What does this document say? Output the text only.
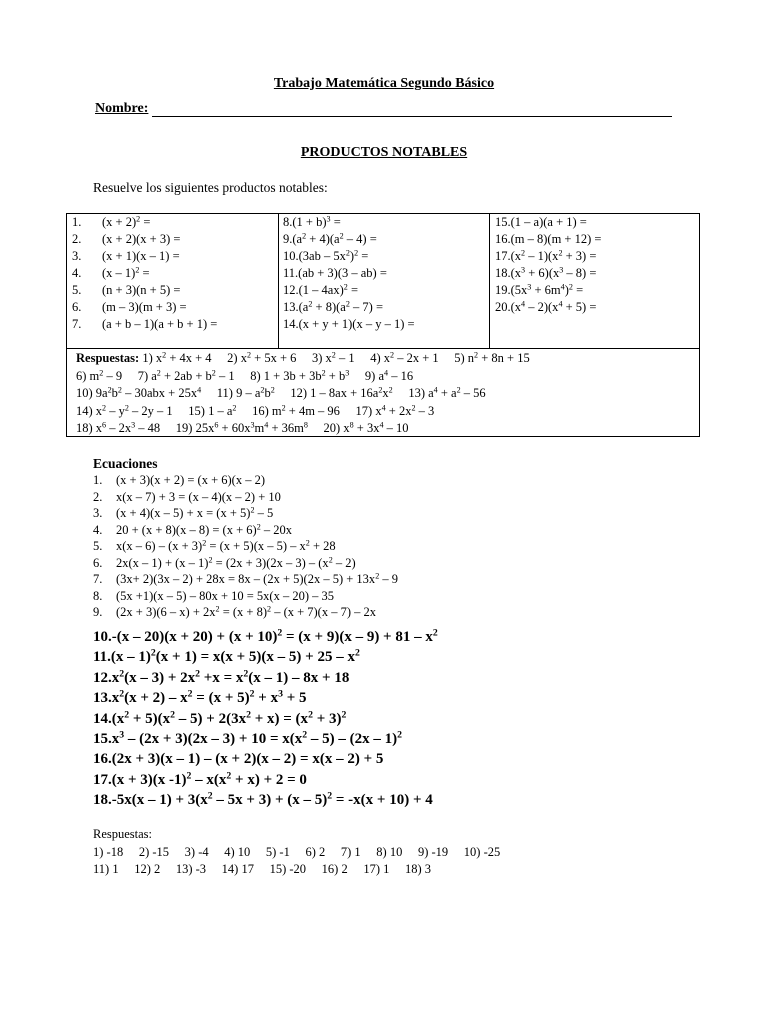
Trabajo Matemática Segundo Básico
Nombre:
PRODUCTOS NOTABLES
Resuelve los siguientes productos notables:
$1.(x + 2)^2$ =
2.(x + 2)(x + 3) =
3.(x + 1)(x – 1) =
4.(x – 1)$^2$ =
5.(n + 3)(n + 5) =
6.(m – 3)(m + 3) =
7.(a + b – 1)(a + b + 1) =
$8.(1 + b)^3$ =
$9.(a^2 + 4)(a^2 - 4)$ =
$10.(3ab - 5x^2)^2$ =
11.(ab + 3)(3 – ab) =
12.(1 – 4ax)$^2$ =
$13.(a^2 + 8)(a^2 - 7)$ =
14.(x + y + 1)(x – y – 1) =
15.(1 – a)(a + 1) =
16.(m – 8)(m + 12) =
$17.(x^2 - 1)(x^2 + 3)$ =
$18.(x^3 + 6)(x^3 - 8)$ =
$19.(5x^3 + 6m^4)^2$ =
$20.(x^4 - 2)(x^4 + 5)$ =
Respuestas: 1) $x^2 + 4x + 4$     2) $x^2 + 5x + 6$     3) $x^2 - 1$     4) $x^2 - 2x + 1$     5) $n^2 + 8n + 15$
6) $m^2 - 9$     7) $a^2 + 2ab + b^2 - 1$     8) $1 + 3b + 3b^2 + b^3$     9) $a^4 - 16$
10) $9a^2b^2 - 30abx + 25x^4$     11) $9 - a^2b^2$     12) $1 - 8ax + 16a^2x^2$     13) $a^4 + a^2 - 56$
14) $x^2 - y^2 - 2y - 1$     15) $1 - a^2$     16) $m^2 + 4m - 96$     17) $x^4 + 2x^2 - 3$
18) $x^6 - 2x^3 - 48$     19) $25x^6 + 60x^3m^4 + 36m^8$     20) $x^8 + 3x^4 - 10$
Ecuaciones
1.(x + 3)(x + 2) = (x + 6)(x – 2)
2.x(x – 7) + 3 = (x – 4)(x – 2) + 10
$3.(x + 4)(x - 5) + x = (x + 5)^2 - 5$
$4.20 + (x + 8)(x - 8) = (x + 6)^2 - 20x$
$5.x(x - 6) - (x + 3)^2 = (x + 5)(x - 5) - x^2 + 28$
$6.2x(x - 1) + (x - 1)^2 = (2x + 3)(2x - 3) - (x^2 - 2)$
$7.(3x+ 2)(3x - 2) + 28x = 8x - (2x + 5)(2x - 5) + 13x^2 - 9$
8.(5x +1)(x – 5) – 80x + 10 = 5x(x – 20) – 35
$9.(2x + 3)(6 - x) + 2x^2 = (x + 8)^2 - (x + 7)(x - 7) - 2x$
$10.-(x - 20)(x + 20) + (x + 10)^2 = (x + 9)(x - 9) + 81 - x^2$
$11.(x - 1)^2(x + 1) = x(x + 5)(x - 5) + 25 - x^2$
$12.x^2(x - 3) + 2x^2 +x = x^2(x - 1) - 8x + 18$
$13.x^2(x + 2) - x^2 = (x + 5)^2 + x^3 + 5$
$14.(x^2 + 5)(x^2 - 5) + 2(3x^2 + x) = (x^2 + 3)^2$
$15.x^3 - (2x + 3)(2x - 3) + 10 = x(x^2 - 5) - (2x - 1)^2$
16.(2x + 3)(x – 1) – (x + 2)(x – 2) = x(x – 2) + 5
17.(x + 3)(x $-1)^2 - x(x^2 + x) + 2 = 0$
$18.-5x(x - 1) + 3(x^2 - 5x + 3) + (x - 5)^2 = -x(x + 10) + 4$
Respuestas:
1) -18     2) -15     3) -4     4) 10     5) -1     6) 2     7) 1     8) 10     9) -19     10) -25
11) 1     12) 2     13) -3     14) 17     15) -20     16) 2     17) 1     18) 3
